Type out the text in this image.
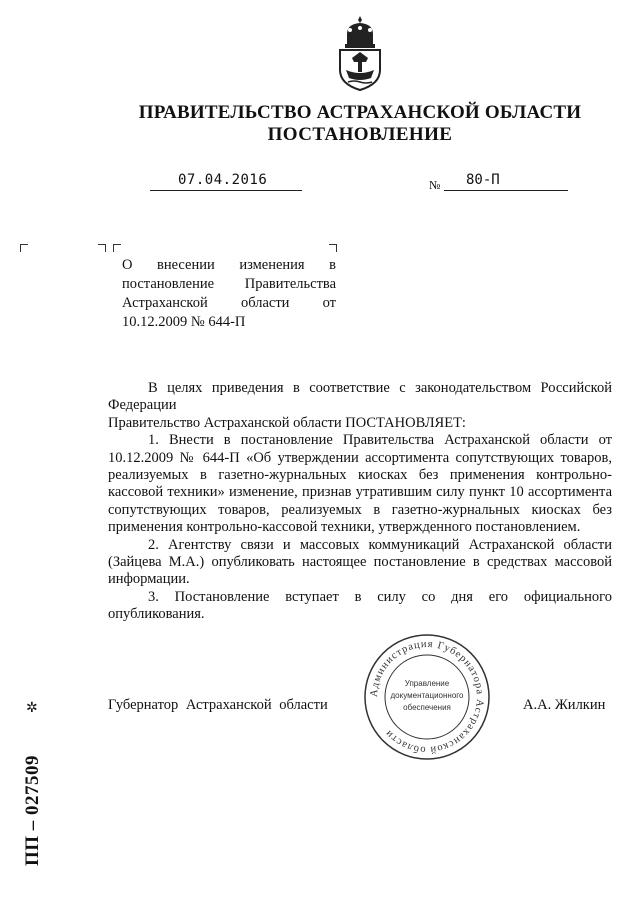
ПРАВИТЕЛЬСТВО АСТРАХАНСКОЙ ОБЛАСТИ
ПОСТАНОВЛЕНИЕ
07.04.2016	№ 80-П
О внесении изменения в постановление Правительства Астраханской области от 10.12.2009 № 644-П

В целях приведения в соответствие с законодательством Российской Федерации

Правительство Астраханской области ПОСТАНОВЛЯЕТ:

1. Внести в постановление Правительства Астраханской области от 10.12.2009 № 644-П «Об утверждении ассортимента сопутствующих товаров, реализуемых в газетно-журнальных киосках без применения контрольно-кассовой техники» изменение, признав утратившим силу пункт 10 ассортимента сопутствующих товаров, реализуемых в газетно-журнальных киосках без применения контрольно-кассовой техники, утвержденного постановлением.

2. Агентству связи и массовых коммуникаций Астраханской области (Зайцева М.А.) опубликовать настоящее постановление в средствах массовой информации.

3. Постановление вступает в силу со дня его официального опубликования.

Администрация Губернатора Астраханской области
Управление
документационного
обеспечения
Губернатор Астраханской области	А.А. Жилкин
✲
ПП – 027509
